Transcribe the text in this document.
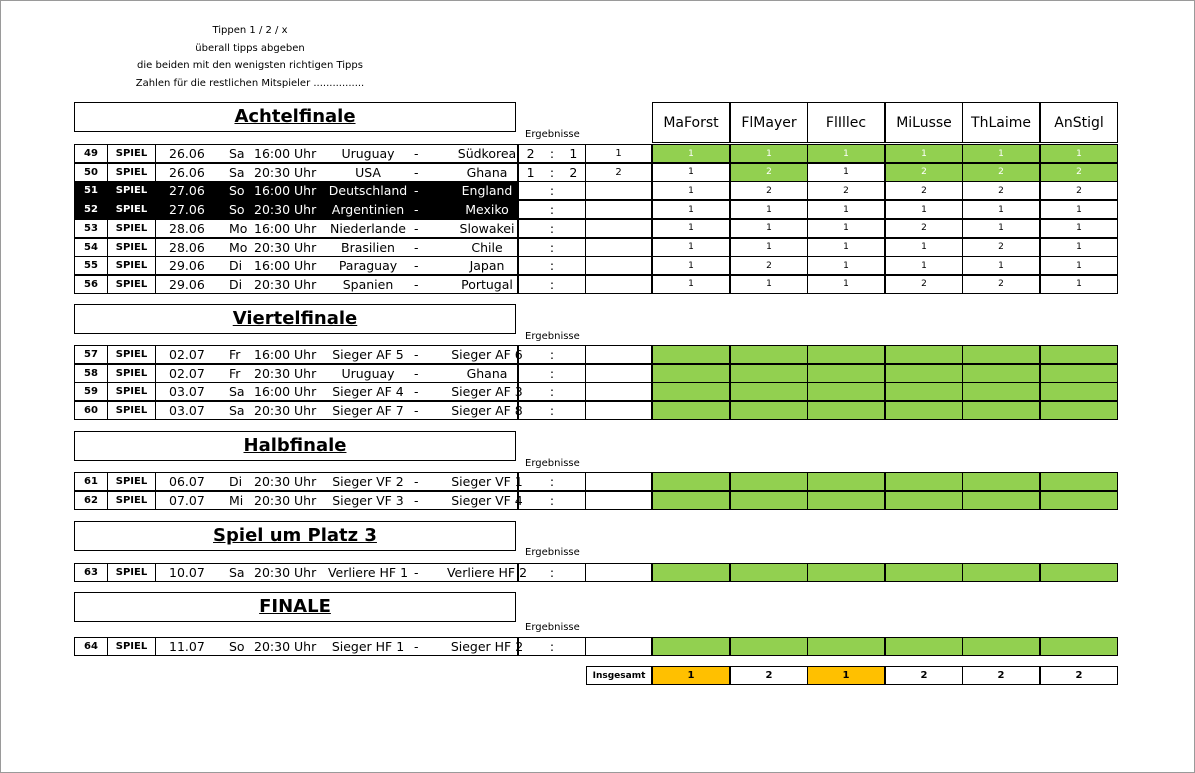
Tippen 1 / 2 / x
überall tipps abgeben
die beiden mit den wenigsten richtigen Tipps
Zahlen für die restlichen Mitspieler ................
MaForst	FlMayer	FlIllec	MiLusse	ThLaime	AnStigl
Achtelfinale
Ergebnisse
49	SPIEL	26.06 Sa 16:00 Uhr	Uruguay	-	Südkorea 2 : 1	1	1	1	1	1	1	1
50	SPIEL	26.06 Sa 20:30 Uhr	USA	-	Ghana	1 : 2	2	1	2	1	2	2	2
51	SPIEL	27.06 So 16:00 Uhr	Deutschland -	England	:	1	2	2	2	2	2
52	SPIEL	27.06 So 20:30 Uhr	Argentinien -	Mexiko	:	1	1	1	1	1	1
53	SPIEL	28.06 Mo 16:00 Uhr	Niederlande -	Slowakei	:	1	1	1	2	1	1
54	SPIEL	28.06 Mo 20:30 Uhr	Brasilien	-	Chile	:	1	1	1	1	2	1
55	SPIEL	29.06 Di 16:00 Uhr	Paraguay	-	Japan	:	1	2	1	1	1	1
56	SPIEL	29.06 Di 20:30 Uhr	Spanien	-	Portugal	:	1	1	1	2	2	1
Viertelfinale
Ergebnisse
57	SPIEL	02.07 Fr 16:00 Uhr	Sieger AF 5 -	Sieger AF 6	:
58	SPIEL	02.07 Fr 20:30 Uhr	Uruguay	-	Ghana	:
59	SPIEL	03.07 Sa 16:00 Uhr	Sieger AF 4 -	Sieger AF 3	:
60	SPIEL	03.07 Sa 20:30 Uhr	Sieger AF 7 -	Sieger AF 8	:
Halbfinale
Ergebnisse
61	SPIEL	06.07 Di 20:30 Uhr	Sieger VF 2 -	Sieger VF 1	:
62	SPIEL	07.07 Mi 20:30 Uhr	Sieger VF 3 -	Sieger VF 4	:
Spiel um Platz 3
Ergebnisse
63	SPIEL	10.07 Sa 20:30 Uhr Verliere HF 1 -	Verliere HF 2	:
FINALE
Ergebnisse
64	SPIEL	11.07 So 20:30 Uhr	Sieger HF 1 -	Sieger HF 2	:
Insgesamt	1	2	1	2	2	2
